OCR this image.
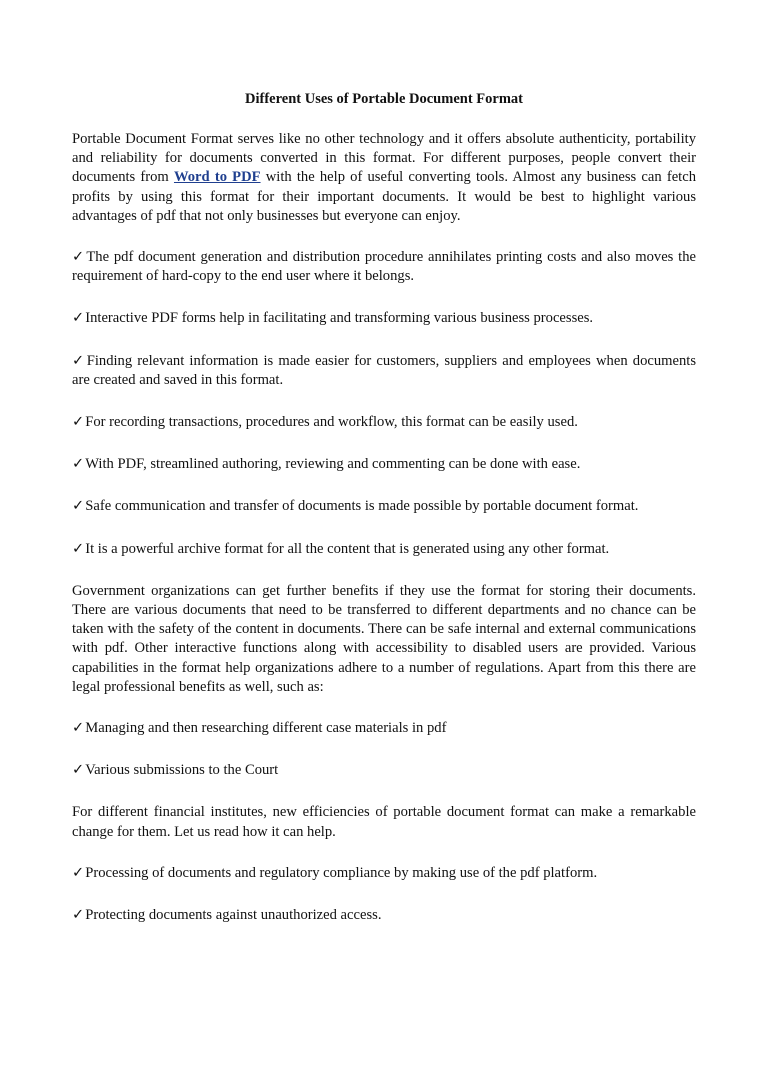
Different Uses of Portable Document Format

Portable Document Format serves like no other technology and it offers absolute authenticity, portability and reliability for documents converted in this format. For different purposes, people convert their documents from Word to PDF with the help of useful converting tools. Almost any business can fetch profits by using this format for their important documents. It would be best to highlight various advantages of pdf that not only businesses but everyone can enjoy.

✓The pdf document generation and distribution procedure annihilates printing costs and also moves the requirement of hard-copy to the end user where it belongs.

✓Interactive PDF forms help in facilitating and transforming various business processes.

✓Finding relevant information is made easier for customers, suppliers and employees when documents are created and saved in this format.

✓For recording transactions, procedures and workflow, this format can be easily used.

✓With PDF, streamlined authoring, reviewing and commenting can be done with ease.

✓Safe communication and transfer of documents is made possible by portable document format.

✓It is a powerful archive format for all the content that is generated using any other format.

Government organizations can get further benefits if they use the format for storing their documents. There are various documents that need to be transferred to different departments and no chance can be taken with the safety of the content in documents. There can be safe internal and external communications with pdf. Other interactive functions along with accessibility to disabled users are provided. Various capabilities in the format help organizations adhere to a number of regulations. Apart from this there are legal professional benefits as well, such as:

✓Managing and then researching different case materials in pdf

✓Various submissions to the Court

For different financial institutes, new efficiencies of portable document format can make a remarkable change for them. Let us read how it can help.

✓Processing of documents and regulatory compliance by making use of the pdf platform.

✓Protecting documents against unauthorized access.
